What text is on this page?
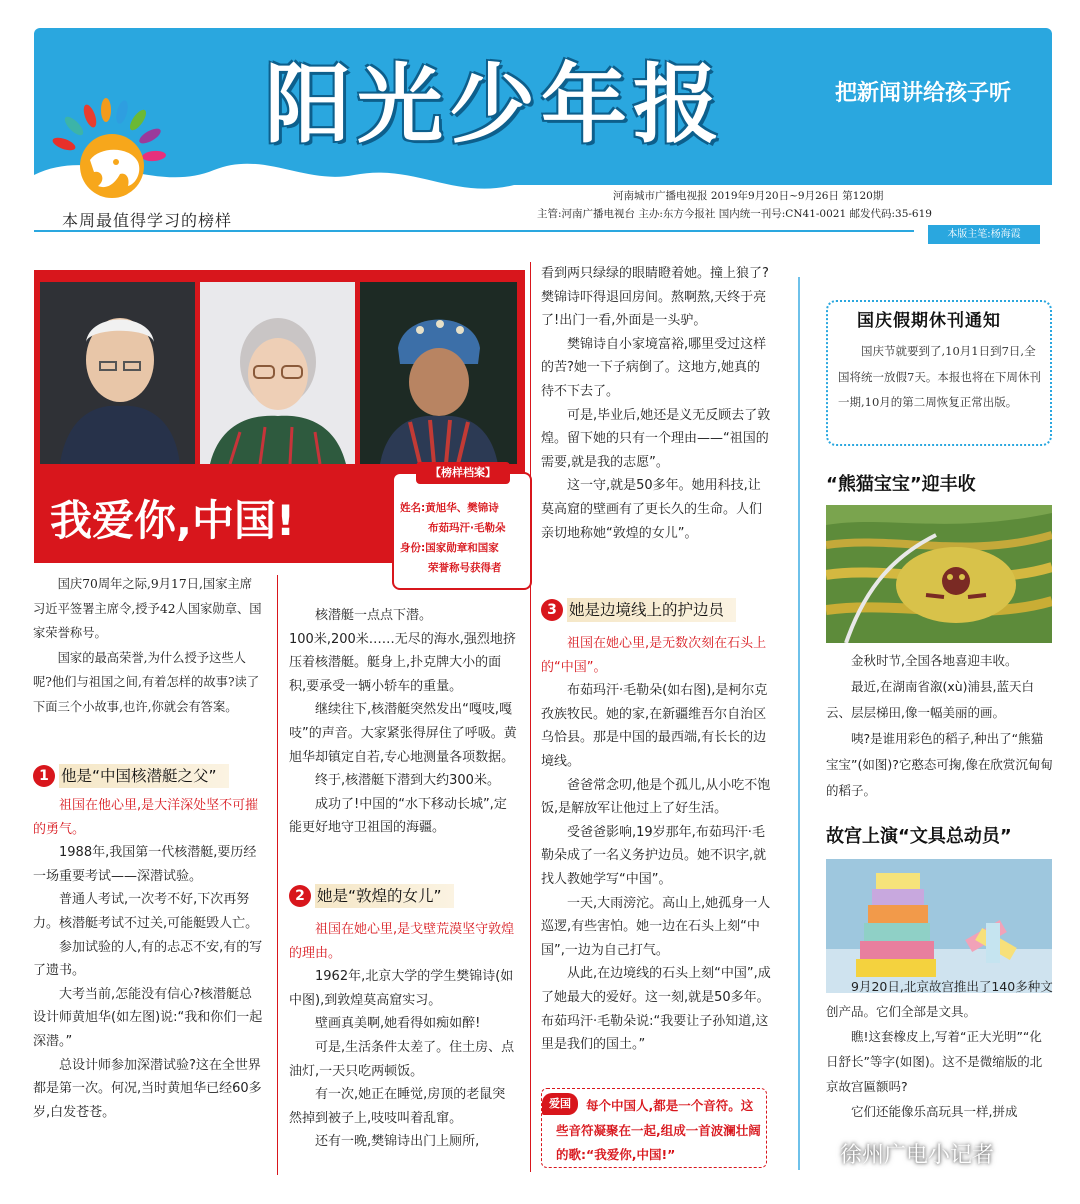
阳光少年报	把新闻讲给孩子听
河南城市广播电视报 2019年9月20日~9月26日 第120期
主管:河南广播电视台 主办:东方今报社 国内统一刊号:CN41-0021 邮发代码:35-619
本版主笔:杨海霞
本周最值得学习的榜样
我爱你,中国!
【榜样档案】
姓名:黄旭华、樊锦诗
布茹玛汗·毛勒朵
身份:国家勋章和国家
荣誉称号获得者

国庆70周年之际,9月17日,国家主席习近平签署主席令,授予42人国家勋章、国家荣誉称号。

国家的最高荣誉,为什么授予这些人呢?他们与祖国之间,有着怎样的故事?读了下面三个小故事,也许,你就会有答案。

1 他是“中国核潜艇之父”

祖国在他心里,是大洋深处坚不可摧的勇气。

1988年,我国第一代核潜艇,要历经一场重要考试——深潜试验。

普通人考试,一次考不好,下次再努力。核潜艇考试不过关,可能艇毁人亡。

参加试验的人,有的忐忑不安,有的写了遗书。

大考当前,怎能没有信心?核潜艇总设计师黄旭华(如左图)说:“我和你们一起深潜。”

总设计师参加深潜试验?这在全世界都是第一次。何况,当时黄旭华已经60多岁,白发苍苍。

核潜艇一点点下潜。

100米,200米……无尽的海水,强烈地挤压着核潜艇。艇身上,扑克牌大小的面积,要承受一辆小轿车的重量。

继续往下,核潜艇突然发出“嘎吱,嘎吱”的声音。大家紧张得屏住了呼吸。黄旭华却镇定自若,专心地测量各项数据。

终于,核潜艇下潜到大约300米。

成功了!中国的“水下移动长城”,定能更好地守卫祖国的海疆。

2 她是“敦煌的女儿”

祖国在她心里,是戈壁荒漠坚守敦煌的理由。

1962年,北京大学的学生樊锦诗(如中图),到敦煌莫高窟实习。

壁画真美啊,她看得如痴如醉!

可是,生活条件太差了。住土房、点油灯,一天只吃两顿饭。

有一次,她正在睡觉,房顶的老鼠突然掉到被子上,吱吱叫着乱窜。

还有一晚,樊锦诗出门上厕所,

看到两只绿绿的眼睛瞪着她。撞上狼了?樊锦诗吓得退回房间。熬啊熬,天终于亮了!出门一看,外面是一头驴。

樊锦诗自小家境富裕,哪里受过这样的苦?她一下子病倒了。这地方,她真的待不下去了。

可是,毕业后,她还是义无反顾去了敦煌。留下她的只有一个理由——“祖国的需要,就是我的志愿”。

这一守,就是50多年。她用科技,让莫高窟的壁画有了更长久的生命。人们亲切地称她“敦煌的女儿”。

3 她是边境线上的护边员

祖国在她心里,是无数次刻在石头上的“中国”。

布茹玛汗·毛勒朵(如右图),是柯尔克孜族牧民。她的家,在新疆维吾尔自治区乌恰县。那是中国的最西端,有长长的边境线。

爸爸常念叨,他是个孤儿,从小吃不饱饭,是解放军让他过上了好生活。

受爸爸影响,19岁那年,布茹玛汗·毛勒朵成了一名义务护边员。她不识字,就找人教她学写“中国”。

一天,大雨滂沱。高山上,她孤身一人巡逻,有些害怕。她一边在石头上刻“中国”,一边为自己打气。

从此,在边境线的石头上刻“中国”,成了她最大的爱好。这一刻,就是50多年。布茹玛汗·毛勒朵说:“我要让子孙知道,这里是我们的国土。”

爱国	每个中国人,都是一个音符。这些音符凝聚在一起,组成一首波澜壮阔的歌:“我爱你,中国!”
国庆假期休刊通知
国庆节就要到了,10月1日到7日,全国将统一放假7天。本报也将在下周休刊一期,10月的第二周恢复正常出版。
“熊猫宝宝”迎丰收

金秋时节,全国各地喜迎丰收。

最近,在湖南省溆(xù)浦县,蓝天白云、层层梯田,像一幅美丽的画。

咦?是谁用彩色的稻子,种出了“熊猫宝宝”(如图)?它憨态可掬,像在欣赏沉甸甸的稻子。

故宫上演“文具总动员”

9月20日,北京故宫推出了140多种文创产品。它们全部是文具。

瞧!这套橡皮上,写着“正大光明”“化日舒长”等字(如图)。这不是微缩版的北京故宫匾额吗?

它们还能像乐高玩具一样,拼成

徐州广电小记者
